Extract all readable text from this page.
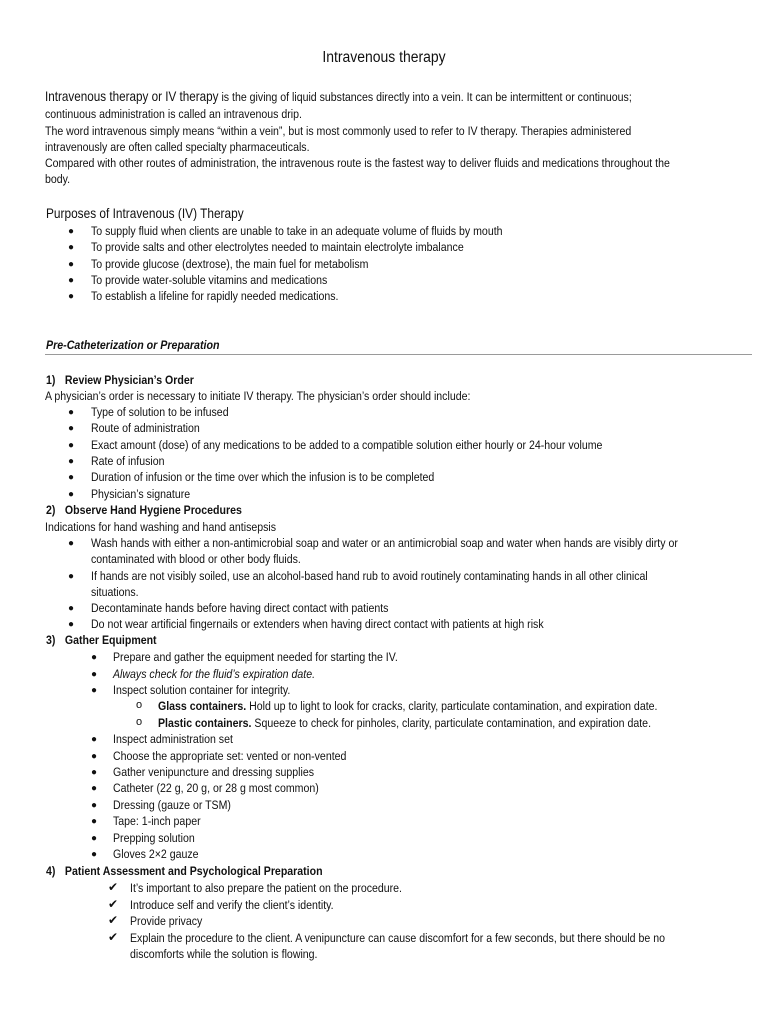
Intravenous therapy
Intravenous therapy or IV therapy is the giving of liquid substances directly into a vein. It can be intermittent or continuous;
continuous administration is called an intravenous drip.
The word intravenous simply means “within a vein”, but is most commonly used to refer to IV therapy. Therapies administered
intravenously are often called specialty pharmaceuticals.
Compared with other routes of administration, the intravenous route is the fastest way to deliver fluids and medications throughout the
body.
Purposes of Intravenous (IV) Therapy
● To supply fluid when clients are unable to take in an adequate volume of fluids by mouth
● To provide salts and other electrolytes needed to maintain electrolyte imbalance
● To provide glucose (dextrose), the main fuel for metabolism
● To provide water-soluble vitamins and medications
● To establish a lifeline for rapidly needed medications.
Pre-Catheterization or Preparation
1) Review Physician’s Order
A physician’s order is necessary to initiate IV therapy. The physician’s order should include:
● Type of solution to be infused
● Route of administration
● Exact amount (dose) of any medications to be added to a compatible solution either hourly or 24-hour volume
● Rate of infusion
● Duration of infusion or the time over which the infusion is to be completed
● Physician’s signature
2) Observe Hand Hygiene Procedures
Indications for hand washing and hand antisepsis
● Wash hands with either a non-antimicrobial soap and water or an antimicrobial soap and water when hands are visibly dirty or
contaminated with blood or other body fluids.
● If hands are not visibly soiled, use an alcohol-based hand rub to avoid routinely contaminating hands in all other clinical
situations.
● Decontaminate hands before having direct contact with patients
● Do not wear artificial fingernails or extenders when having direct contact with patients at high risk
3) Gather Equipment
● Prepare and gather the equipment needed for starting the IV.
● Always check for the fluid’s expiration date.
● Inspect solution container for integrity.
o Glass containers. Hold up to light to look for cracks, clarity, particulate contamination, and expiration date.
o Plastic containers. Squeeze to check for pinholes, clarity, particulate contamination, and expiration date.
● Inspect administration set
● Choose the appropriate set: vented or non-vented
● Gather venipuncture and dressing supplies
● Catheter (22 g, 20 g, or 28 g most common)
● Dressing (gauze or TSM)
● Tape: 1-inch paper
● Prepping solution
● Gloves 2×2 gauze
4) Patient Assessment and Psychological Preparation
✔ It’s important to also prepare the patient on the procedure.
✔ Introduce self and verify the client’s identity.
✔ Provide privacy
✔ Explain the procedure to the client. A venipuncture can cause discomfort for a few seconds, but there should be no
discomforts while the solution is flowing.
